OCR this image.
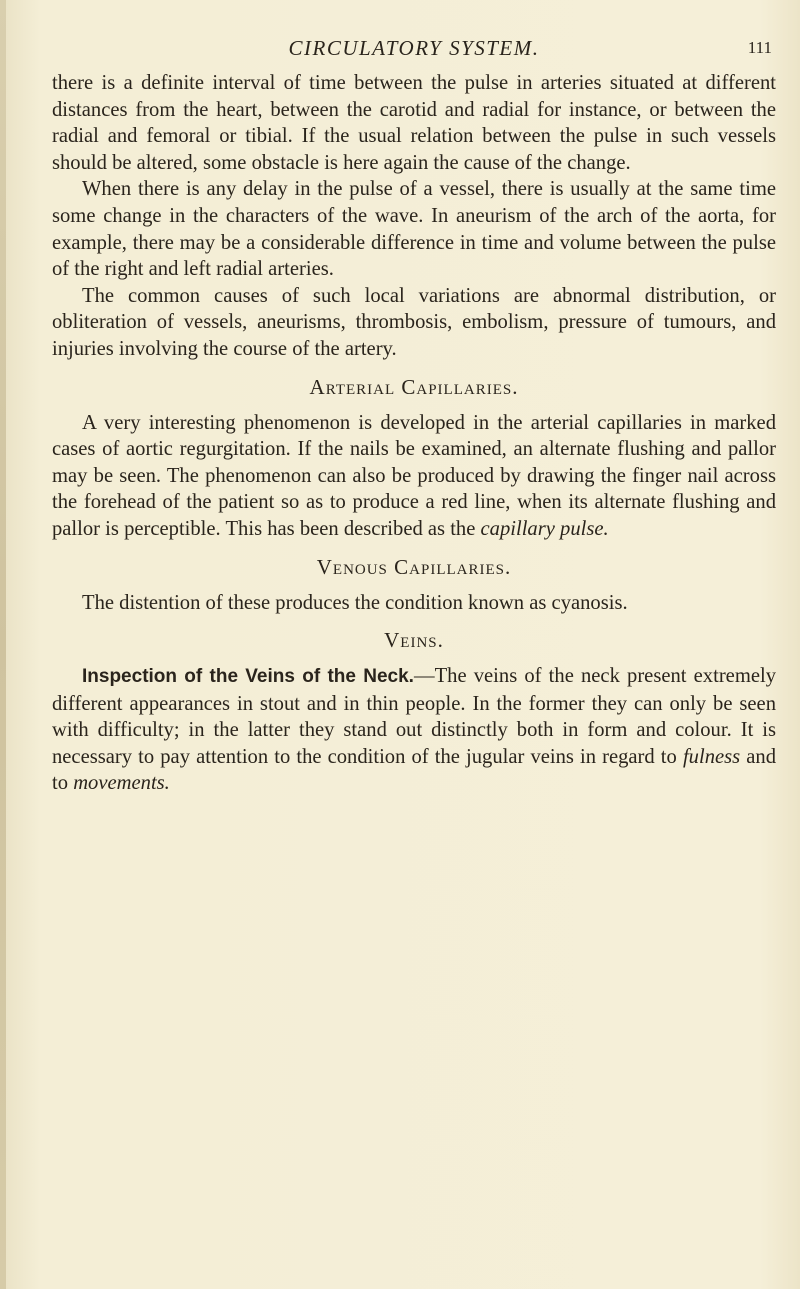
CIRCULATORY SYSTEM.	111

there is a definite interval of time between the pulse in arteries situated at different distances from the heart, between the carotid and radial for instance, or between the radial and femoral or tibial. If the usual relation between the pulse in such vessels should be altered, some obstacle is here again the cause of the change.

When there is any delay in the pulse of a vessel, there is usually at the same time some change in the characters of the wave. In aneurism of the arch of the aorta, for example, there may be a considerable difference in time and volume between the pulse of the right and left radial arteries.

The common causes of such local variations are abnormal distribution, or obliteration of vessels, aneurisms, thrombosis, embolism, pressure of tumours, and injuries involving the course of the artery.

Arterial Capillaries.

A very interesting phenomenon is developed in the arterial capillaries in marked cases of aortic regurgitation. If the nails be examined, an alternate flushing and pallor may be seen. The phenomenon can also be produced by drawing the finger nail across the forehead of the patient so as to produce a red line, when its alternate flushing and pallor is perceptible. This has been described as the capillary pulse.

Venous Capillaries.

The distention of these produces the condition known as cyanosis.

Veins.

Inspection of the Veins of the Neck.—The veins of the neck present extremely different appearances in stout and in thin people. In the former they can only be seen with difficulty; in the latter they stand out distinctly both in form and colour. It is necessary to pay attention to the condition of the jugular veins in regard to fulness and to movements.
